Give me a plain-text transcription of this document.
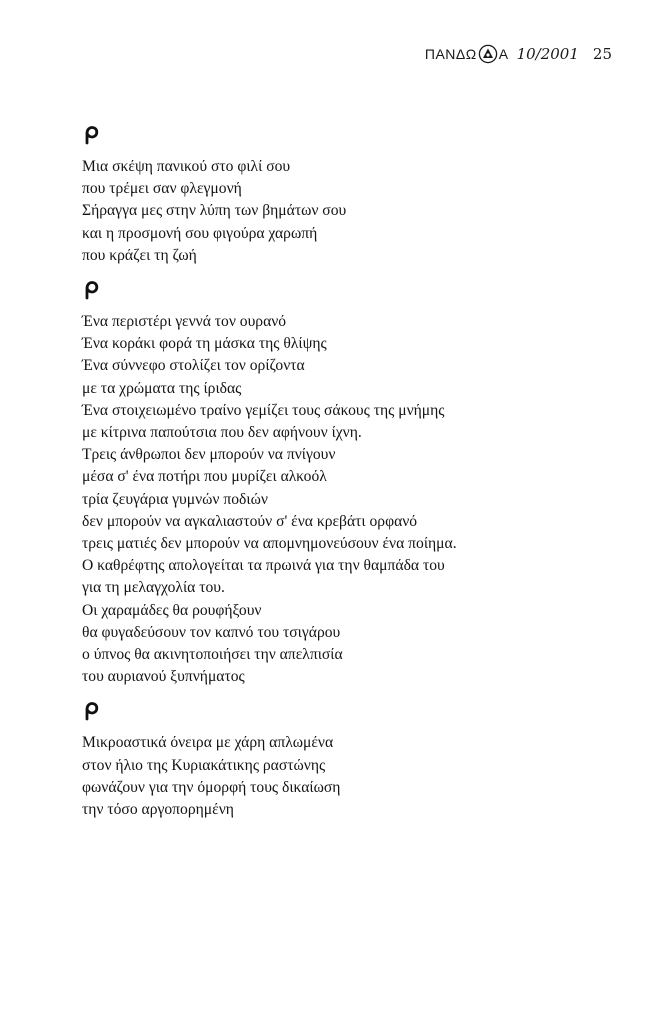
ΠΑΝΔΩ Α 10/2001 25
Μια σκέψη πανικού στο φιλί σου
που τρέμει σαν φλεγμονή
Σήραγγα μες στην λύπη των βημάτων σου
και η προσμονή σου φιγούρα χαρωπή
που κράζει τη ζωή
Ένα περιστέρι γεννά τον ουρανό
Ένα κοράκι φορά τη μάσκα της θλίψης
Ένα σύννεφο στολίζει τον ορίζοντα
με τα χρώματα της ίριδας
Ένα στοιχειωμένο τραίνο γεμίζει τους σάκους της μνήμης
με κίτρινα παπούτσια που δεν αφήνουν ίχνη.
Τρεις άνθρωποι δεν μπορούν να πνίγουν
μέσα σ' ένα ποτήρι που μυρίζει αλκοόλ
τρία ζευγάρια γυμνών ποδιών
δεν μπορούν να αγκαλιαστούν σ' ένα κρεβάτι ορφανό
τρεις ματιές δεν μπορούν να απομνημονεύσουν ένα ποίημα.
Ο καθρέφτης απολογείται τα πρωινά για την θαμπάδα του
για τη μελαγχολία του.
Οι χαραμάδες θα ρουφήξουν
θα φυγαδεύσουν τον καπνό του τσιγάρου
ο ύπνος θα ακινητοποιήσει την απελπισία
του αυριανού ξυπνήματος
Μικροαστικά όνειρα με χάρη απλωμένα
στον ήλιο της Κυριακάτικης ραστώνης
φωνάζουν για την όμορφή τους δικαίωση
την τόσο αργοπορημένη
